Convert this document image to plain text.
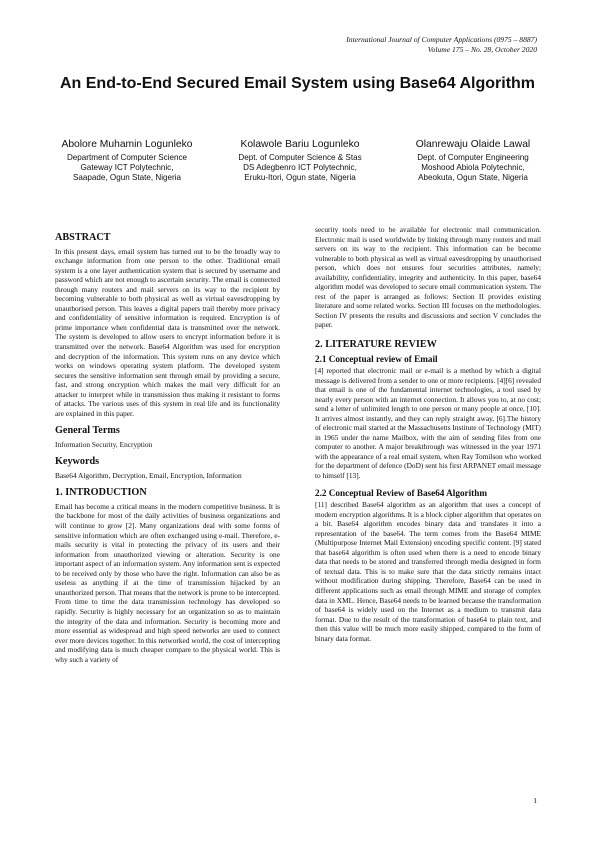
International Journal of Computer Applications (0975 – 8887)
Volume 175 – No. 28, October 2020
An End-to-End Secured Email System using Base64 Algorithm
Abolore Muhamin Logunleko
Department of Computer Science
Gateway ICT Polytechnic,
Saapade, Ogun State, Nigeria
Kolawole Bariu Logunleko
Dept. of Computer Science & Stas
DS Adegbenro ICT Polytechnic,
Eruku-Itori, Ogun state, Nigeria
Olanrewaju Olaide Lawal
Dept. of Computer Engineering
Moshood Abiola Polytechnic,
Abeokuta, Ogun State, Nigeria
ABSTRACT

In this present days, email system has turned out to be the broadly way to exchange information from one person to the other. Traditional email system is a one layer authentication system that is secured by username and password which are not enough to ascertain security. The email is connected through many routers and mail servers on its way to the recipient by becoming vulnerable to both physical as well as virtual eavesdropping by unauthorised person. This leaves a digital papers trail thereby more privacy and confidentiality of sensitive information is required. Encryption is of prime importance when confidential data is transmitted over the network. The system is developed to allow users to encrypt information before it is transmitted over the network. Base64 Algorithm was used for encryption and decryption of the information. This system runs on any device which works on windows operating system platform. The developed system secures the sensitive information sent through email by providing a secure, fast, and strong encryption which makes the mail very difficult for an attacker to interpret while in transmission thus making it resistant to forms of attacks. The various uses of this system in real life and its functionality are explained in this paper.

General Terms

Information Security, Encryption

Keywords

Base64 Algorithm, Decryption, Email, Encryption, Information

1. INTRODUCTION

Email has become a critical means in the modern competitive business. It is the backbone for most of the daily activities of business organizations and will continue to grow [2]. Many organizations deal with some forms of sensitive information which are often exchanged using e-mail. Therefore, e-mails security is vital in protecting the privacy of its users and their information from unauthorized viewing or alteration. Security is one important aspect of an information system. Any information sent is expected to be received only by those who have the right. Information can also be as useless as anything if at the time of transmission hijacked by an unauthorized person. That means that the network is prone to be intercepted. From time to time the data transmission technology has developed so rapidly. Security is highly necessary for an organization so as to maintain the integrity of the data and information. Security is becoming more and more essential as widespread and high speed networks are used to connect ever more devices together. In this networked world, the cost of intercepting and modifying data is much cheaper compare to the physical world. This is why such a variety of

security tools need to be available for electronic mail communication. Electronic mail is used worldwide by linking through many routers and mail servers on its way to the recipient. This information can be become vulnerable to both physical as well as virtual eavesdropping by unauthorised person, which does not ensures four securities attributes, namely; availability, confidentiality, integrity and authenticity. In this paper, base64 algorithm model was developed to secure email communication system. The rest of the paper is arranged as follows: Section II provides existing literature and some related works. Section III focuses on the methodologies. Section IV presents the results and discussions and section V concludes the paper.

2. LITERATURE REVIEW
2.1 Conceptual review of Email

[4] reported that electronic mail or e-mail is a method by which a digital message is delivered from a sender to one or more recipients. [4][6] revealed that email is one of the fundamental internet technologies, a tool used by nearly every person with an internet connection. It allows you to, at no cost; send a letter of unlimited length to one person or many people at once, [10]. It arrives almost instantly, and they can reply straight away, [6].The history of electronic mail started at the Massachusetts Institute of Technology (MIT) in 1965 under the name Mailbox, with the aim of sending files from one computer to another. A major breakthrough was witnessed in the year 1971 with the appearance of a real email system, when Ray Tomilson who worked for the department of defence (DoD) sent his first ARPANET email message to himself [13].

2.2 Conceptual Review of Base64 Algorithm

[11] described Base64 algorithm as an algorithm that uses a concept of modern encryption algorithms. It is a block cipher algorithm that operates on a bit. Base64 algorithm encodes binary data and translates it into a representation of the base64. The term comes from the Base64 MIME (Multipurpose Internet Mail Extension) encoding specific content. [9] stated that base64 algorithm is often used when there is a need to encode binary data that needs to be stored and transferred through media designed in form of textual data. This is to make sure that the data strictly remains intact without modification during shipping. Therefore, Base64 can be used in different applications such as email through MIME and storage of complex data in XML. Hence, Base64 needs to be learned because the transformation of base64 is widely used on the Internet as a medium to transmit data format. Due to the result of the transformation of base64 to plain text, and then this value will be much more easily shipped, compared to the form of binary data format.

1
